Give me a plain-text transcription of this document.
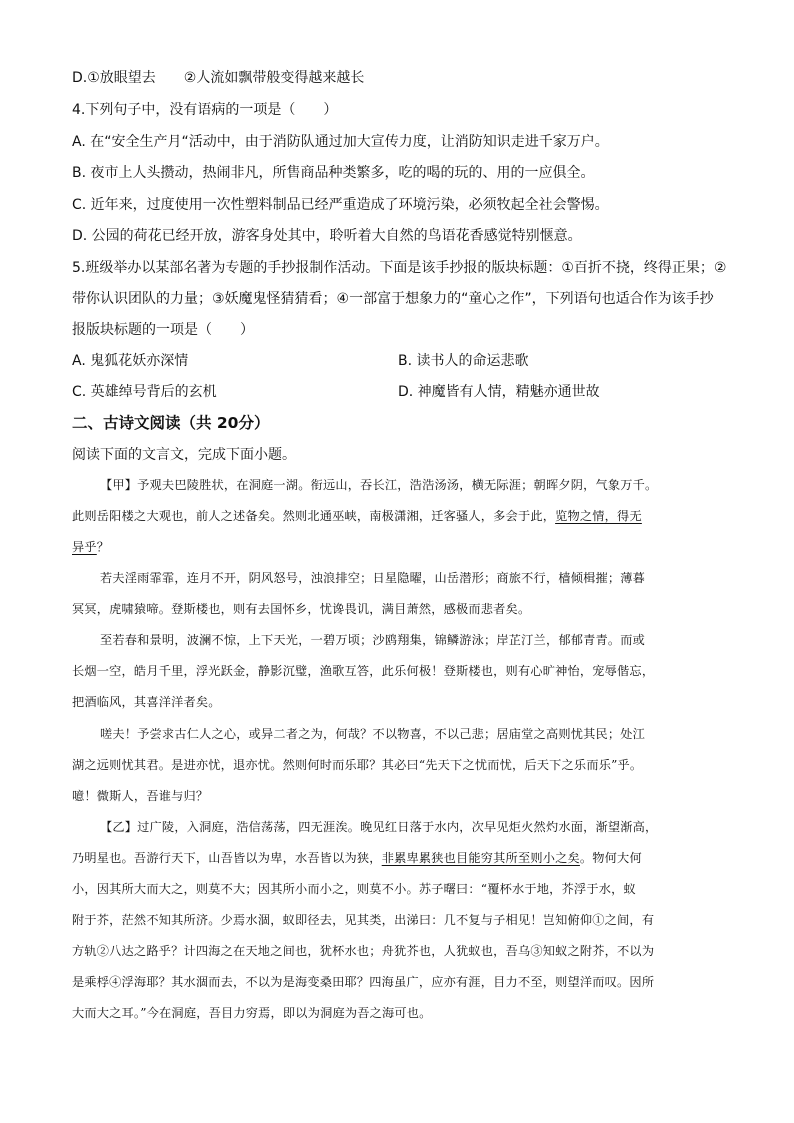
D.①放眼望去　　②人流如飘带般变得越来越长
4.下列句子中，没有语病的一项是（　　）
A. 在“安全生产月“活动中，由于消防队通过加大宣传力度，让消防知识走进千家万户。
B. 夜市上人头攒动，热闹非凡，所售商品种类繁多，吃的喝的玩的、用的一应俱全。
C. 近年来，过度使用一次性塑料制品已经严重造成了环境污染，必须牧起全社会警惕。
D. 公园的荷花已经开放，游客身处其中，聆听着大自然的鸟语花香感觉特别惬意。
5.班级举办以某部名著为专题的手抄报制作活动。下面是该手抄报的版块标题：①百折不挠，终得正果；②
带你认识团队的力量；③妖魔鬼怪猜猜看；④一部富于想象力的“童心之作”，下列语句也适合作为该手抄
报版块标题的一项是（　　）
A. 鬼狐花妖亦深情	B. 读书人的命运悲歌
C. 英雄绰号背后的玄机	D. 神魔皆有人情，精魅亦通世故
二、古诗文阅读（共 20分）
阅读下面的文言文，完成下面小题。
【甲】予观夫巴陵胜状，在洞庭一湖。衔远山，吞长江，浩浩汤汤，横无际涯；朝晖夕阴，气象万千。
此则岳阳楼之大观也，前人之述备矣。然则北通巫峡，南极潇湘，迁客骚人，多会于此，览物之情，得无
异乎？
若夫淫雨霏霏，连月不开，阴风怒号，浊浪排空；日星隐曜，山岳潜形；商旅不行，樯倾楫摧；薄暮
冥冥，虎啸猿啼。登斯楼也，则有去国怀乡，忧谗畏讥，满目萧然，感极而悲者矣。
至若春和景明，波澜不惊，上下天光，一碧万顷；沙鸥翔集，锦鳞游泳；岸芷汀兰，郁郁青青。而或
长烟一空，皓月千里，浮光跃金，静影沉璧，渔歌互答，此乐何极！登斯楼也，则有心旷神怡，宠辱偕忘，
把酒临风，其喜洋洋者矣。
嗟夫！予尝求古仁人之心，或异二者之为，何哉？不以物喜，不以己悲；居庙堂之高则忧其民；处江
湖之远则忧其君。是进亦忧，退亦忧。然则何时而乐耶？其必曰“先天下之忧而忧，后天下之乐而乐”乎。
噫！微斯人，吾谁与归？
【乙】过广陵，入洞庭，浩信荡荡，四无涯涘。晚见红日落于水内，次早见炬火然灼水面，渐望渐高，
乃明星也。吾游行天下，山吾皆以为卑，水吾皆以为狭，非累卑累狭也目能穷其所至则小之矣。物何大何
小，因其所大而大之，则莫不大；因其所小而小之，则莫不小。苏子曙曰：“覆杯水于地，芥浮于水，蚁
附于芥，茫然不知其所济。少焉水涸，蚁即径去，见其类，出涕曰：几不复与子相见！岂知俯仰①之间，有
方轨②八达之路乎？计四海之在天地之间也，犹杯水也；舟犹芥也，人犹蚁也，吾乌③知蚁之附芥，不以为
是乘桴④浮海耶？其水涸而去，不以为是海变桑田耶？四海虽广，应亦有涯，目力不至，则望洋而叹。因所
大而大之耳。”今在洞庭，吾目力穷焉，即以为洞庭为吾之海可也。
